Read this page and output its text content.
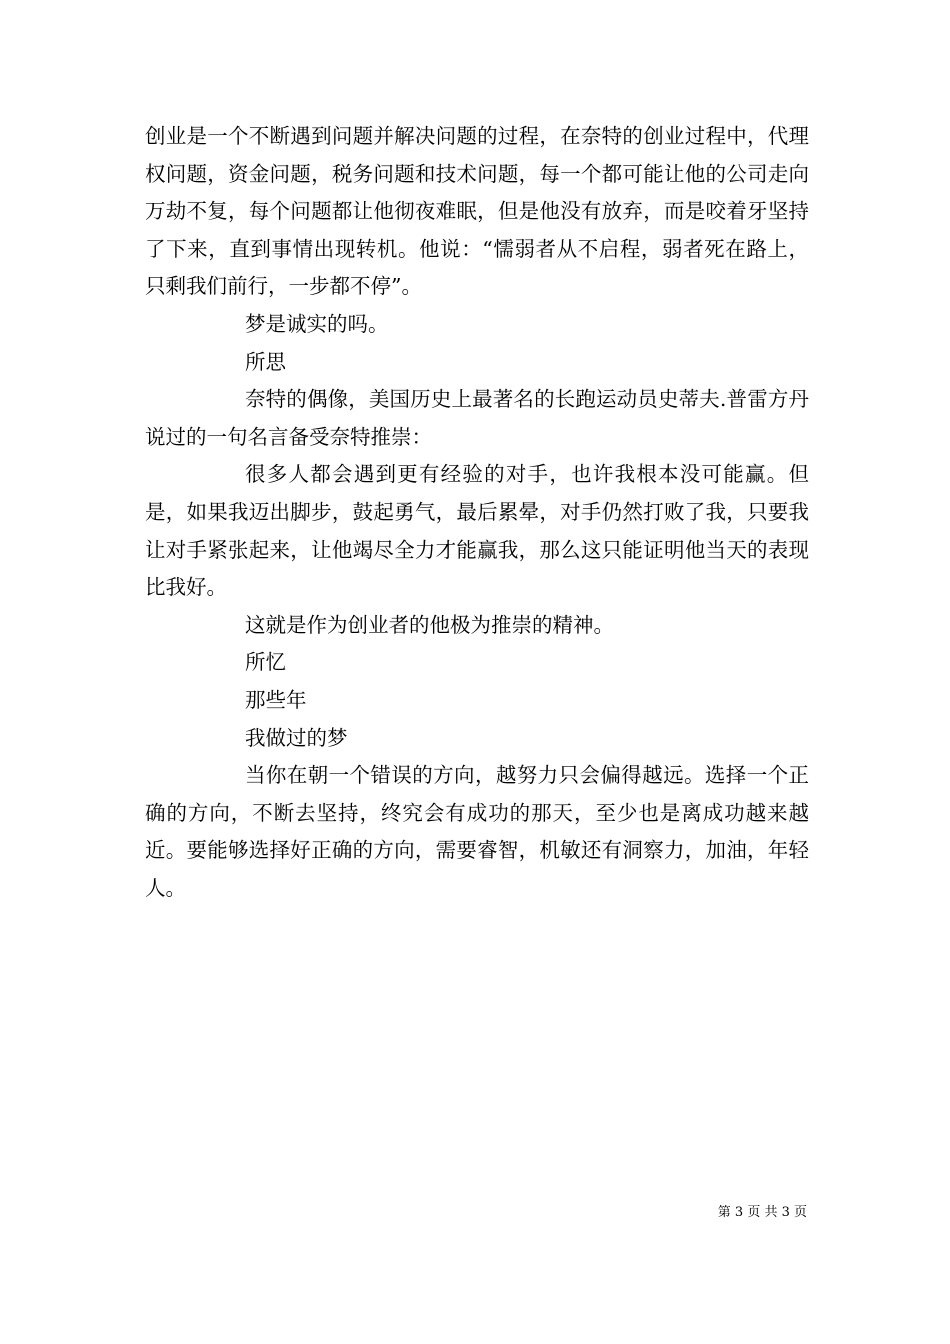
创业是一个不断遇到问题并解决问题的过程，在奈特的创业过程中，代理权问题，资金问题，税务问题和技术问题，每一个都可能让他的公司走向万劫不复，每个问题都让他彻夜难眠，但是他没有放弃，而是咬着牙坚持了下来，直到事情出现转机。他说：“懦弱者从不启程，弱者死在路上，只剩我们前行，一步都不停”。

梦是诚实的吗。

所思

奈特的偶像，美国历史上最著名的长跑运动员史蒂夫.普雷方丹说过的一句名言备受奈特推崇：

很多人都会遇到更有经验的对手，也许我根本没可能赢。但是，如果我迈出脚步，鼓起勇气，最后累晕，对手仍然打败了我，只要我让对手紧张起来，让他竭尽全力才能赢我，那么这只能证明他当天的表现比我好。

这就是作为创业者的他极为推崇的精神。

所忆

那些年

我做过的梦

当你在朝一个错误的方向，越努力只会偏得越远。选择一个正确的方向，不断去坚持，终究会有成功的那天，至少也是离成功越来越近。要能够选择好正确的方向，需要睿智，机敏还有洞察力，加油，年轻人。

第 3 页 共 3 页
